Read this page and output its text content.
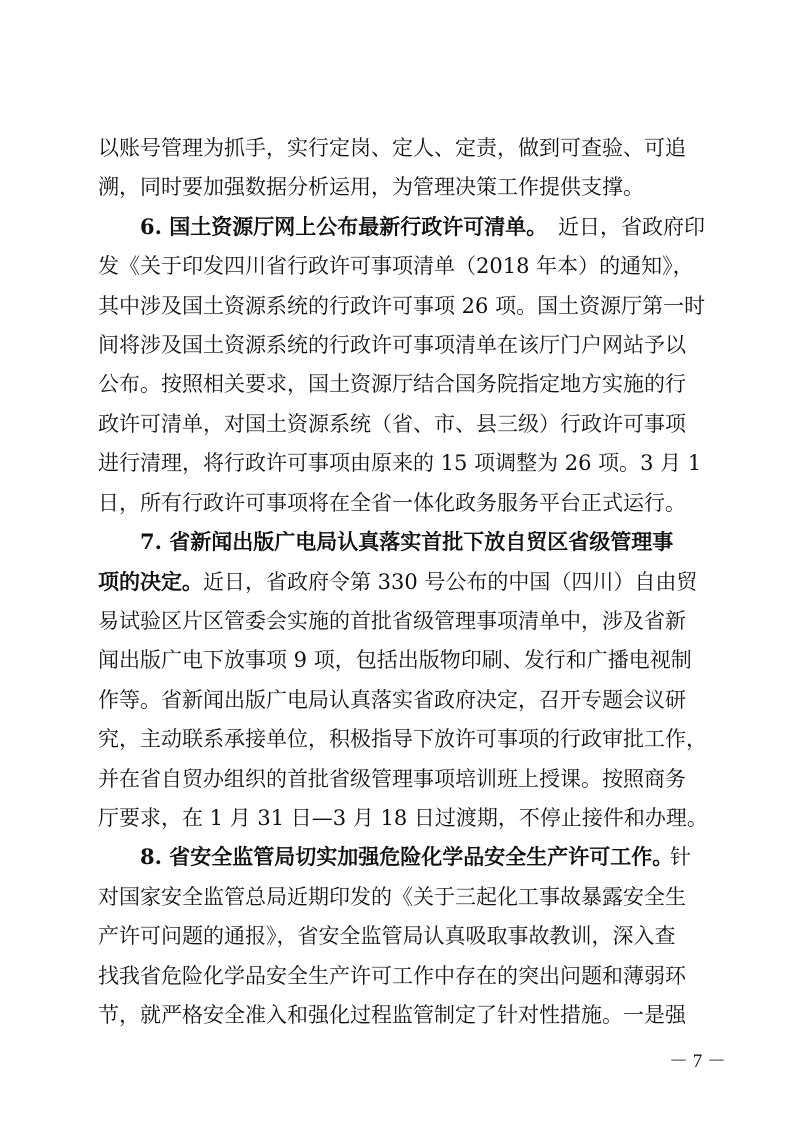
以账号管理为抓手，实行定岗、定人、定责，做到可查验、可追
溯，同时要加强数据分析运用，为管理决策工作提供支撑。
6. 国土资源厅网上公布最新行政许可清单。 近日，省政府印
发《关于印发四川省行政许可事项清单（2018 年本）的通知》，
其中涉及国土资源系统的行政许可事项 26 项。国土资源厅第一时
间将涉及国土资源系统的行政许可事项清单在该厅门户网站予以
公布。按照相关要求，国土资源厅结合国务院指定地方实施的行
政许可清单，对国土资源系统（省、市、县三级）行政许可事项
进行清理，将行政许可事项由原来的 15 项调整为 26 项。3 月 1
日，所有行政许可事项将在全省一体化政务服务平台正式运行。
7. 省新闻出版广电局认真落实首批下放自贸区省级管理事
项的决定。 近日，省政府令第 330 号公布的中国（四川）自由贸
易试验区片区管委会实施的首批省级管理事项清单中，涉及省新
闻出版广电下放事项 9 项，包括出版物印刷、发行和广播电视制
作等。省新闻出版广电局认真落实省政府决定，召开专题会议研
究，主动联系承接单位，积极指导下放许可事项的行政审批工作，
并在省自贸办组织的首批省级管理事项培训班上授课。按照商务
厅要求，在 1 月 31 日—3 月 18 日过渡期，不停止接件和办理。
8. 省安全监管局切实加强危险化学品安全生产许可工作。
针
对国家安全监管总局近期印发的《关于三起化工事故暴露安全生
产许可问题的通报》，省安全监管局认真吸取事故教训，深入查
找我省危险化学品安全生产许可工作中存在的突出问题和薄弱环
节，就严格安全准入和强化过程监管制定了针对性措施。一是强
－ 7 －
